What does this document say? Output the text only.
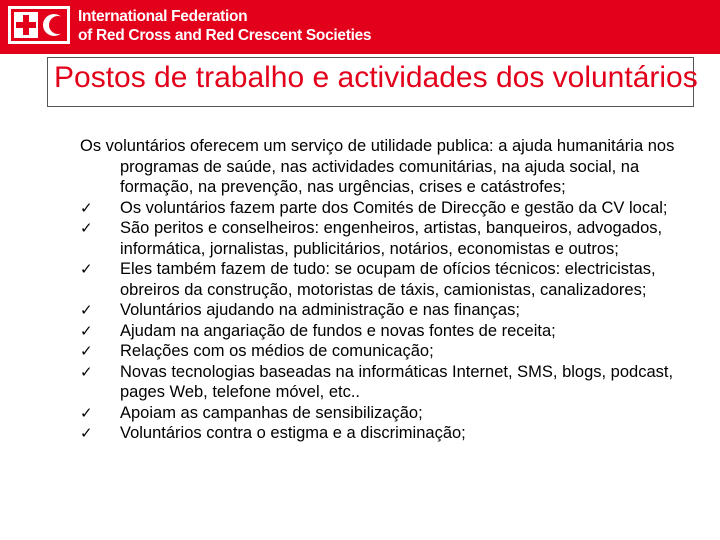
International Federation
of Red Cross and Red Crescent Societies
Postos de trabalho e actividades dos voluntários

Os voluntários oferecem um serviço de utilidade publica: a ajuda humanitária nos programas de saúde, nas actividades comunitárias, na ajuda social, na formação, na prevenção, nas urgências, crises e catástrofes;

✓ Os voluntários fazem parte dos Comités de Direcção e gestão da CV local;
✓ São peritos e conselheiros: engenheiros, artistas, banqueiros, advogados, informática, jornalistas, publicitários, notários, economistas e outros;
✓ Eles também fazem de tudo: se ocupam de ofícios técnicos: electricistas, obreiros da construção, motoristas de táxis, camionistas, canalizadores;
✓ Voluntários ajudando na administração e nas finanças;
✓ Ajudam na angariação de fundos e novas fontes de receita;
✓ Relações com os médios de comunicação;
✓ Novas tecnologias baseadas na informáticas Internet, SMS, blogs, podcast, pages Web, telefone móvel, etc..
✓ Apoiam as campanhas de sensibilização;
✓ Voluntários contra o estigma e a discriminação;
